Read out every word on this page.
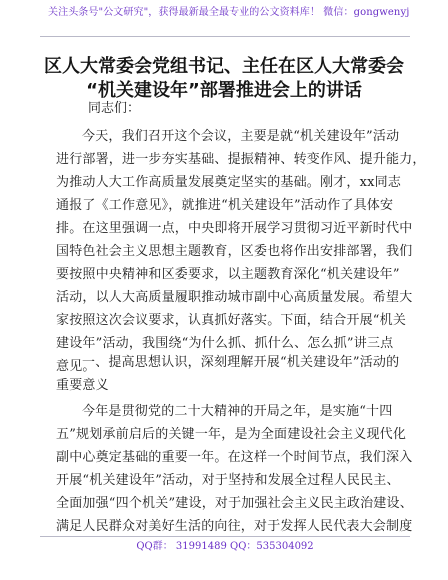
关注头条号"公文研究"，获得最新最全最专业的公文资料库！ 微信：gongwenyj
区人大常委会党组书记、主任在区人大常委会
“机关建设年”部署推进会上的讲话
同志们：
今天，我们召开这个会议，主要是就“机关建设年”活动
进行部署，进一步夯实基础、提振精神、转变作风、提升能力，
为推动人大工作高质量发展奠定坚实的基础。刚才，xx同志
通报了《工作意见》，就推进“机关建设年”活动作了具体安
排。在这里强调一点，中央即将开展学习贯彻习近平新时代中
国特色社会主义思想主题教育，区委也将作出安排部署，我们
要按照中央精神和区委要求，以主题教育深化“机关建设年”
活动，以人大高质量履职推动城市副中心高质量发展。希望大
家按照这次会议要求，认真抓好落实。下面，结合开展“机关
建设年”活动，我围绕“为什么抓、抓什么、怎么抓”讲三点
意见。
一、提高思想认识，深刻理解开展“机关建设年”活动的
重要意义
今年是贯彻党的二十大精神的开局之年，是实施“十四
五”规划承前启后的关键一年，是为全面建设社会主义现代化
副中心奠定基础的重要一年。在这样一个时间节点，我们深入
开展“机关建设年”活动，对于坚持和发展全过程人民民主、
全面加强“四个机关”建设，对于加强社会主义民主政治建设、
满足人民群众对美好生活的向往，对于发挥人民代表大会制度
QQ群： 31991489 QQ：535304092
